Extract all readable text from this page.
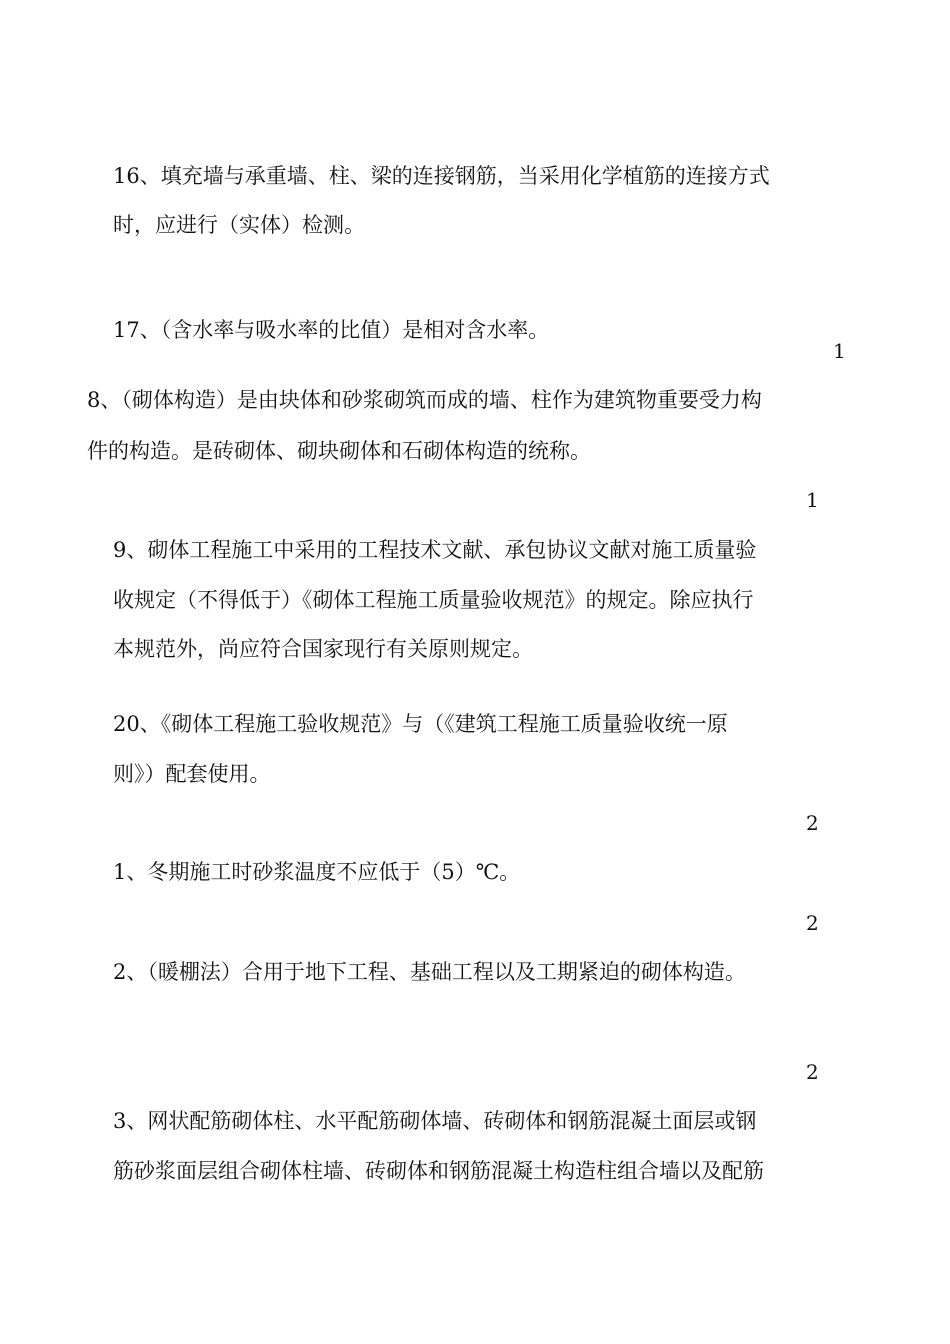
16、填充墙与承重墙、柱、梁的连接钢筋，当采用化学植筋的连接方式
时，应进行（实体）检测。
17、（含水率与吸水率的比值）是相对含水率。
1
8、（砌体构造）是由块体和砂浆砌筑而成的墙、柱作为建筑物重要受力构
件的构造。是砖砌体、砌块砌体和石砌体构造的统称。
1
9、砌体工程施工中采用的工程技术文献、承包协议文献对施工质量验
收规定（不得低于）《砌体工程施工质量验收规范》的规定。除应执行
本规范外，尚应符合国家现行有关原则规定。
20、《砌体工程施工验收规范》与（《建筑工程施工质量验收统一原
则》）配套使用。
2
1、冬期施工时砂浆温度不应低于（5）℃。
2
2、（暖棚法）合用于地下工程、基础工程以及工期紧迫的砌体构造。
2
3、网状配筋砌体柱、水平配筋砌体墙、砖砌体和钢筋混凝土面层或钢
筋砂浆面层组合砌体柱墙、砖砌体和钢筋混凝土构造柱组合墙以及配筋
